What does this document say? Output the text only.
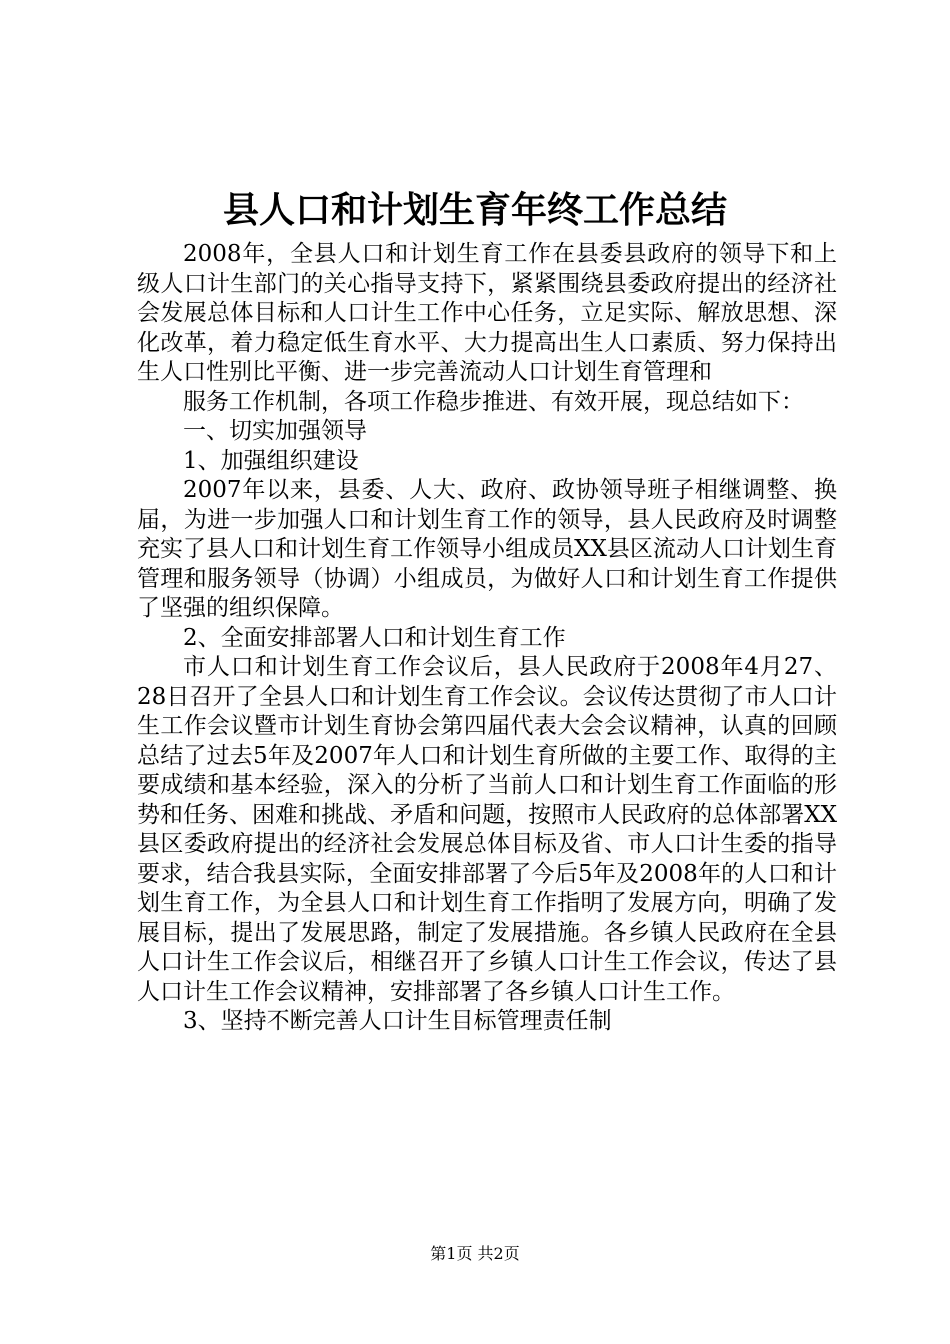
县人口和计划生育年终工作总结

2008年，全县人口和计划生育工作在县委县政府的领导下和上级人口计生部门的关心指导支持下，紧紧围绕县委政府提出的经济社会发展总体目标和人口计生工作中心任务，立足实际、解放思想、深化改革，着力稳定低生育水平、大力提高出生人口素质、努力保持出生人口性别比平衡、进一步完善流动人口计划生育管理和

服务工作机制，各项工作稳步推进、有效开展，现总结如下：

一、切实加强领导

1、加强组织建设

2007年以来，县委、人大、政府、政协领导班子相继调整、换届，为进一步加强人口和计划生育工作的领导，县人民政府及时调整充实了县人口和计划生育工作领导小组成员XX县区流动人口计划生育管理和服务领导（协调）小组成员，为做好人口和计划生育工作提供了坚强的组织保障。

2、全面安排部署人口和计划生育工作

市人口和计划生育工作会议后，县人民政府于2008年4月27、28日召开了全县人口和计划生育工作会议。会议传达贯彻了市人口计生工作会议暨市计划生育协会第四届代表大会会议精神，认真的回顾总结了过去5年及2007年人口和计划生育所做的主要工作、取得的主要成绩和基本经验，深入的分析了当前人口和计划生育工作面临的形势和任务、困难和挑战、矛盾和问题，按照市人民政府的总体部署XX县区委政府提出的经济社会发展总体目标及省、市人口计生委的指导要求，结合我县实际，全面安排部署了今后5年及2008年的人口和计划生育工作，为全县人口和计划生育工作指明了发展方向，明确了发展目标，提出了发展思路，制定了发展措施。各乡镇人民政府在全县人口计生工作会议后，相继召开了乡镇人口计生工作会议，传达了县人口计生工作会议精神，安排部署了各乡镇人口计生工作。

3、坚持不断完善人口计生目标管理责任制

第1页 共2页
